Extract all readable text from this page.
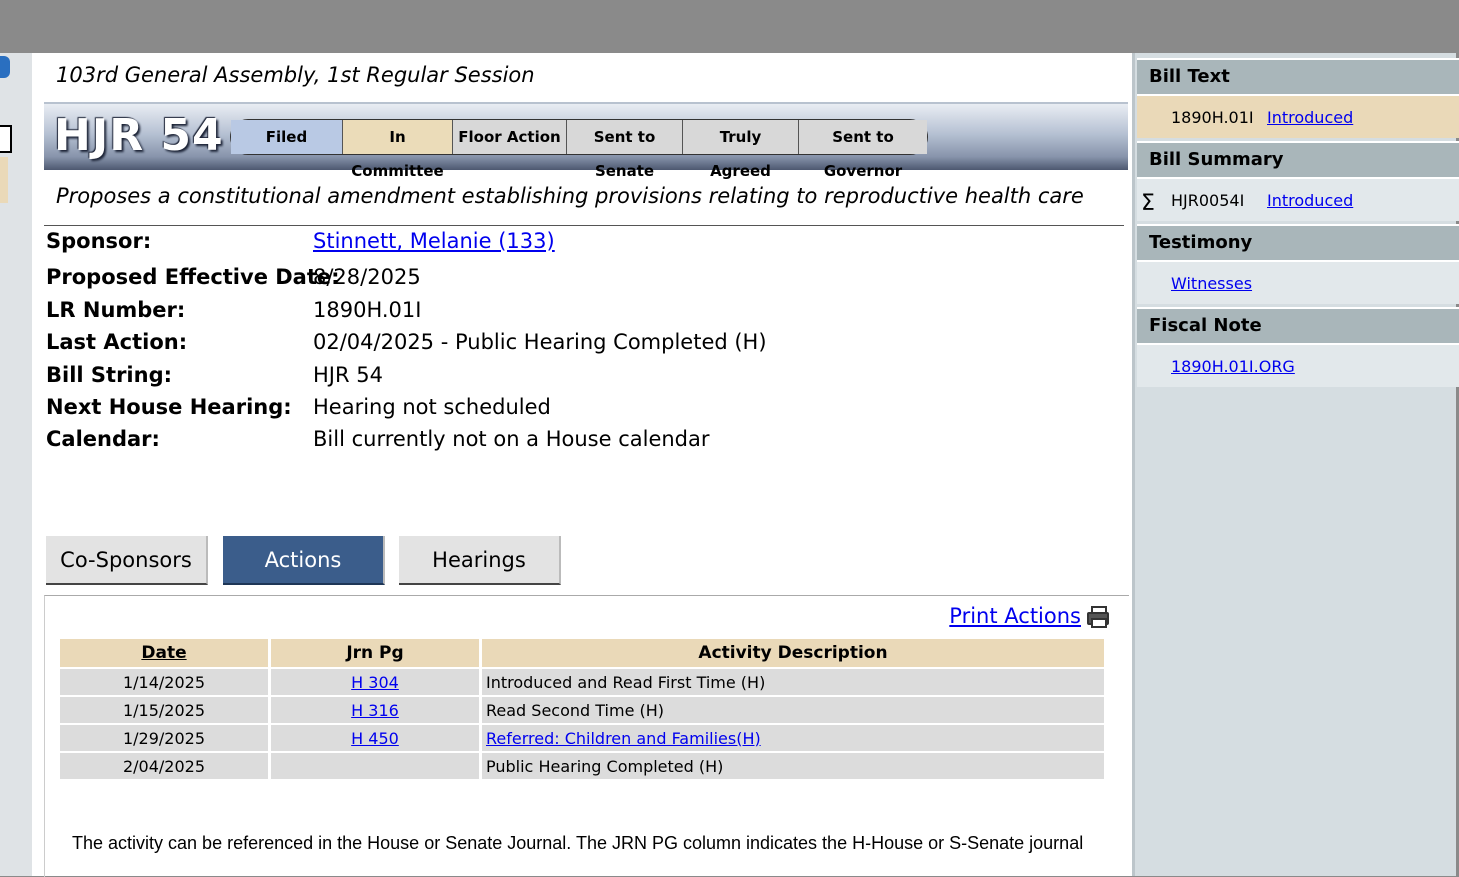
103rd General Assembly, 1st Regular Session
HJR 54	Filed	In Committee
Floor Action	Sent to Senate
Truly Agreed
Sent to Governor
Proposes a constitutional amendment establishing provisions relating to reproductive health care
Sponsor:	Stinnett, Melanie (133)
Proposed Effective Date:
8/28/2025
LR Number:	1890H.01I
Last Action:	02/04/2025 - Public Hearing Completed (H)
Bill String:	HJR 54
Next House Hearing: Hearing not scheduled
Calendar:	Bill currently not on a House calendar
Co-Sponsors	Actions	Hearings
Print Actions
Date	Jrn Pg	Activity Description
1/14/2025	H 304	Introduced and Read First Time (H)
1/15/2025	H 316	Read Second Time (H)
1/29/2025	H 450	Referred: Children and Families(H)
2/04/2025		Public Hearing Completed (H)
The activity can be referenced in the House or Senate Journal. The JRN PG column indicates the H-House or S-Senate journal
Bill Text
1890H.01I Introduced
Bill Summary
Σ HJR0054I Introduced
Testimony
Witnesses
Fiscal Note
1890H.01I.ORG
